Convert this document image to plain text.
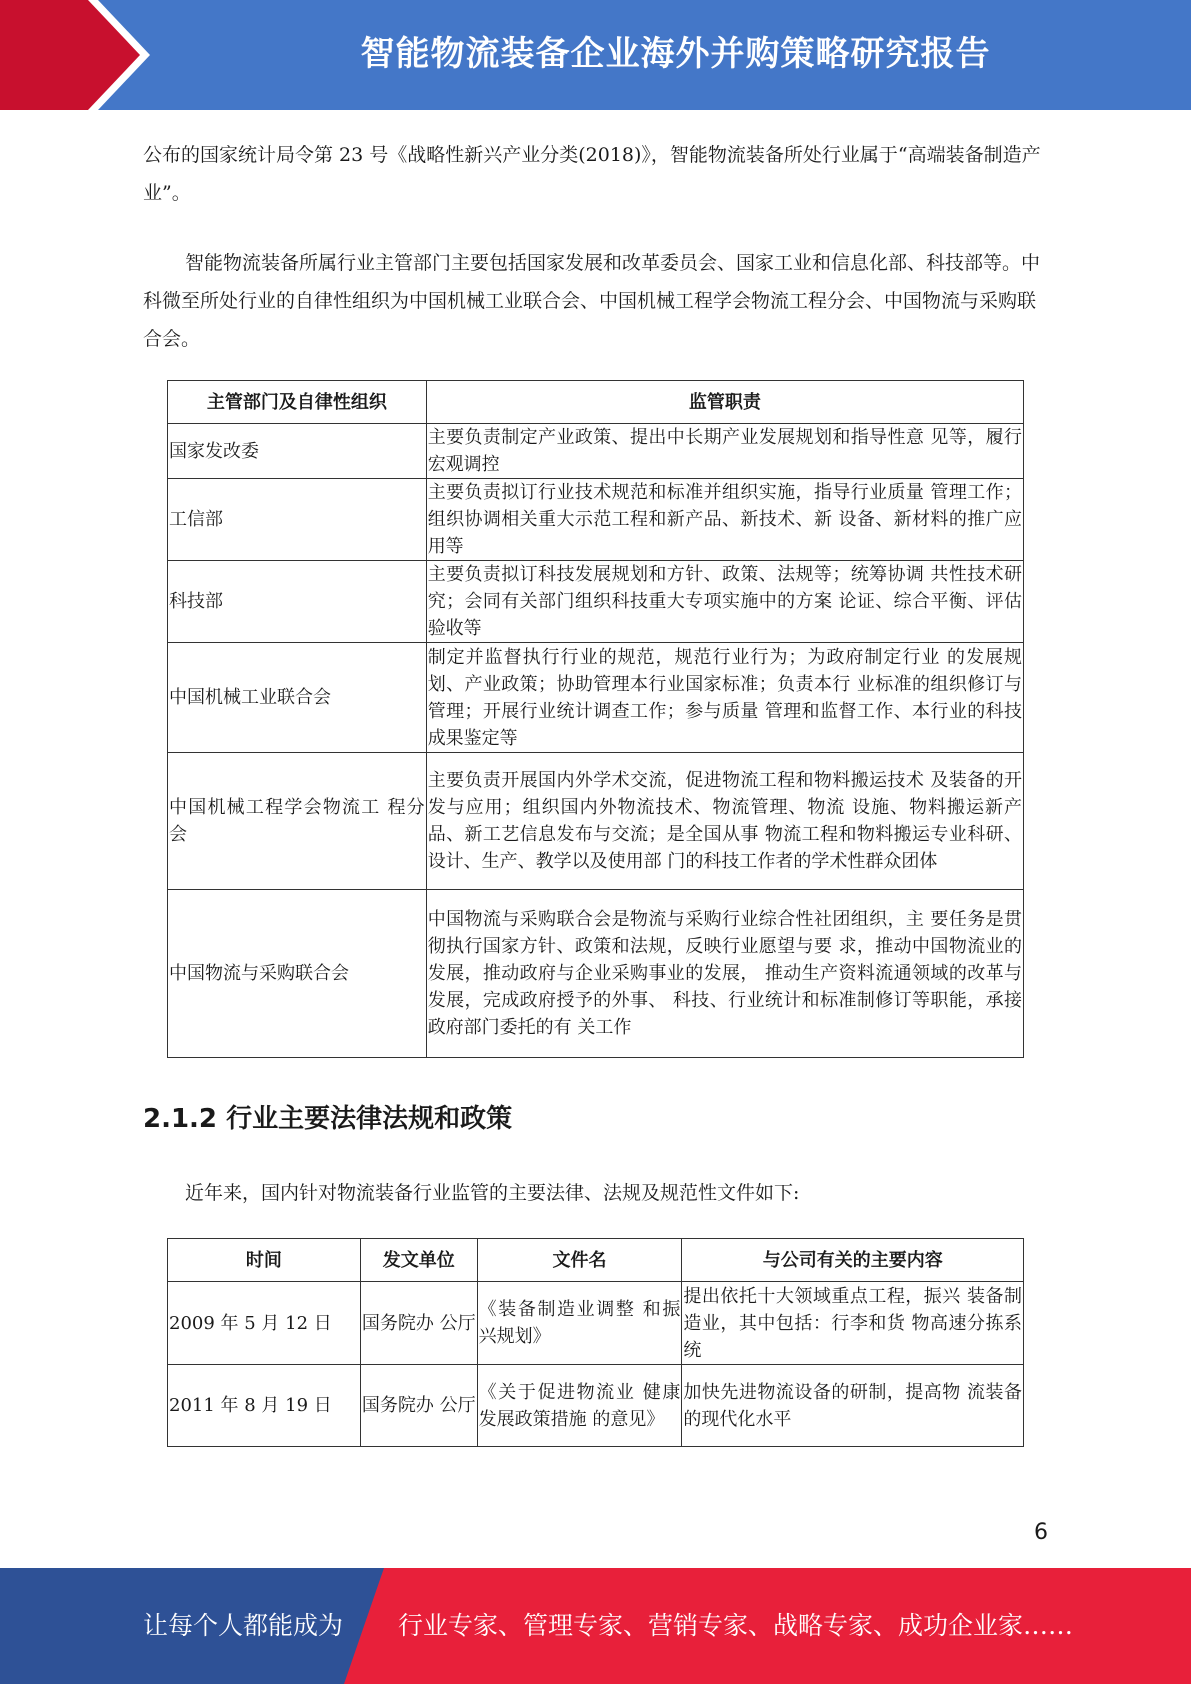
智能物流装备企业海外并购策略研究报告

公布的国家统计局令第 23 号《战略性新兴产业分类(2018)》，智能物流装备所处行业属于“高端装备制造产业”。

智能物流装备所属行业主管部门主要包括国家发展和改革委员会、国家工业和信息化部、科技部等。中科微至所处行业的自律性组织为中国机械工业联合会、中国机械工程学会物流工程分会、中国物流与采购联合会。

主管部门及自律性组织	监管职责
国家发改委	主要负责制定产业政策、提出中长期产业发展规划和指导性意 见等，履行宏观调控
工信部	主要负责拟订行业技术规范和标准并组织实施，指导行业质量 管理工作；组织协调相关重大示范工程和新产品、新技术、新 设备、新材料的推广应用等
科技部	主要负责拟订科技发展规划和方针、政策、法规等；统筹协调 共性技术研究；会同有关部门组织科技重大专项实施中的方案 论证、综合平衡、评估验收等
中国机械工业联合会	制定并监督执行行业的规范，规范行业行为；为政府制定行业 的发展规划、产业政策；协助管理本行业国家标准；负责本行 业标准的组织修订与管理；开展行业统计调查工作；参与质量 管理和监督工作、本行业的科技成果鉴定等
中国机械工程学会物流工 程分会	主要负责开展国内外学术交流，促进物流工程和物料搬运技术 及装备的开发与应用；组织国内外物流技术、物流管理、物流 设施、物料搬运新产品、新工艺信息发布与交流；是全国从事 物流工程和物料搬运专业科研、设计、生产、教学以及使用部 门的科技工作者的学术性群众团体
中国物流与采购联合会	中国物流与采购联合会是物流与采购行业综合性社团组织，主 要任务是贯彻执行国家方针、政策和法规，反映行业愿望与要 求，推动中国物流业的发展，推动政府与企业采购事业的发展， 推动生产资料流通领域的改革与发展，完成政府授予的外事、 科技、行业统计和标准制修订等职能，承接政府部门委托的有 关工作
2.1.2 行业主要法律法规和政策

近年来，国内针对物流装备行业监管的主要法律、法规及规范性文件如下:

时间	发文单位	文件名	与公司有关的主要内容
2009 年 5 月 12 日	国务院办 公厅	《装备制造业调整 和振兴规划》	提出依托十大领域重点工程，振兴 装备制造业，其中包括：行李和货 物高速分拣系统
2011 年 8 月 19 日	国务院办 公厅	《关于促进物流业 健康发展政策措施 的意见》	加快先进物流设备的研制，提高物 流装备的现代化水平
6
让每个人都能成为 行业专家、管理专家、营销专家、战略专家、成功企业家……
